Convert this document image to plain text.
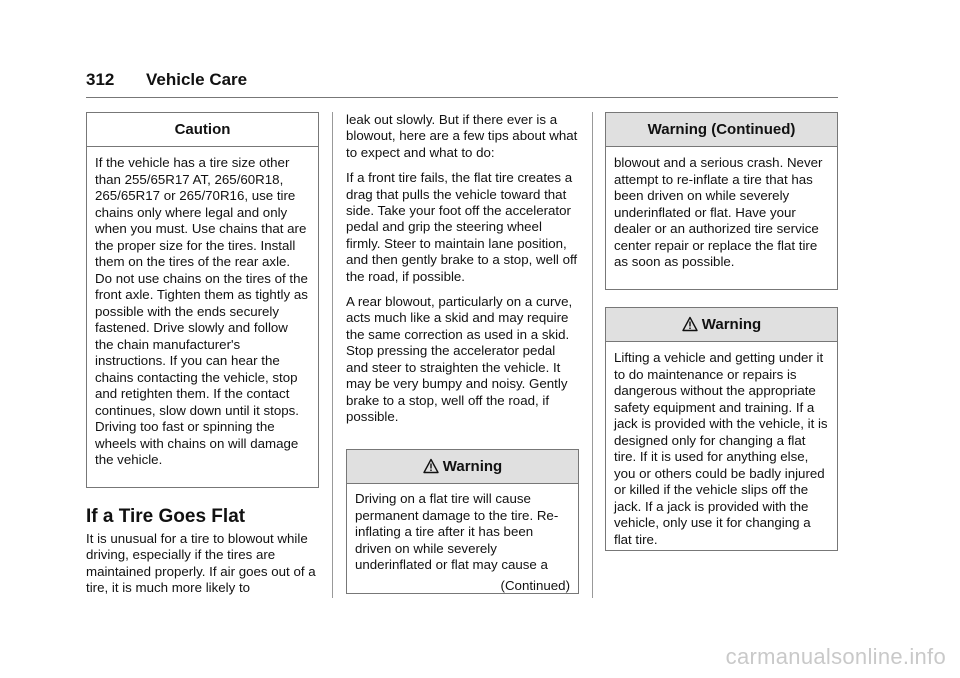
312 Vehicle Care
Caution
If the vehicle has a tire size other than 255/65R17 AT, 265/60R18, 265/65R17 or 265/70R16, use tire chains only where legal and only when you must. Use chains that are the proper size for the tires. Install them on the tires of the rear axle. Do not use chains on the tires of the front axle. Tighten them as tightly as possible with the ends securely fastened. Drive slowly and follow the chain manufacturer's instructions. If you can hear the chains contacting the vehicle, stop and retighten them. If the contact continues, slow down until it stops. Driving too fast or spinning the wheels with chains on will damage the vehicle.
If a Tire Goes Flat

It is unusual for a tire to blowout while driving, especially if the tires are maintained properly. If air goes out of a tire, it is much more likely to

leak out slowly. But if there ever is a blowout, here are a few tips about what to expect and what to do:

If a front tire fails, the flat tire creates a drag that pulls the vehicle toward that side. Take your foot off the accelerator pedal and grip the steering wheel firmly. Steer to maintain lane position, and then gently brake to a stop, well off the road, if possible.

A rear blowout, particularly on a curve, acts much like a skid and may require the same correction as used in a skid. Stop pressing the accelerator pedal and steer to straighten the vehicle. It may be very bumpy and noisy. Gently brake to a stop, well off the road, if possible.

Warning
Driving on a flat tire will cause permanent damage to the tire. Re-inflating a tire after it has been driven on while severely underinflated or flat may cause a
(Continued)
Warning (Continued)
blowout and a serious crash. Never attempt to re-inflate a tire that has been driven on while severely underinflated or flat. Have your dealer or an authorized tire service center repair or replace the flat tire as soon as possible.
Warning
Lifting a vehicle and getting under it to do maintenance or repairs is dangerous without the appropriate safety equipment and training. If a jack is provided with the vehicle, it is designed only for changing a flat tire. If it is used for anything else, you or others could be badly injured or killed if the vehicle slips off the jack. If a jack is provided with the vehicle, only use it for changing a flat tire.
carmanualsonline.info
